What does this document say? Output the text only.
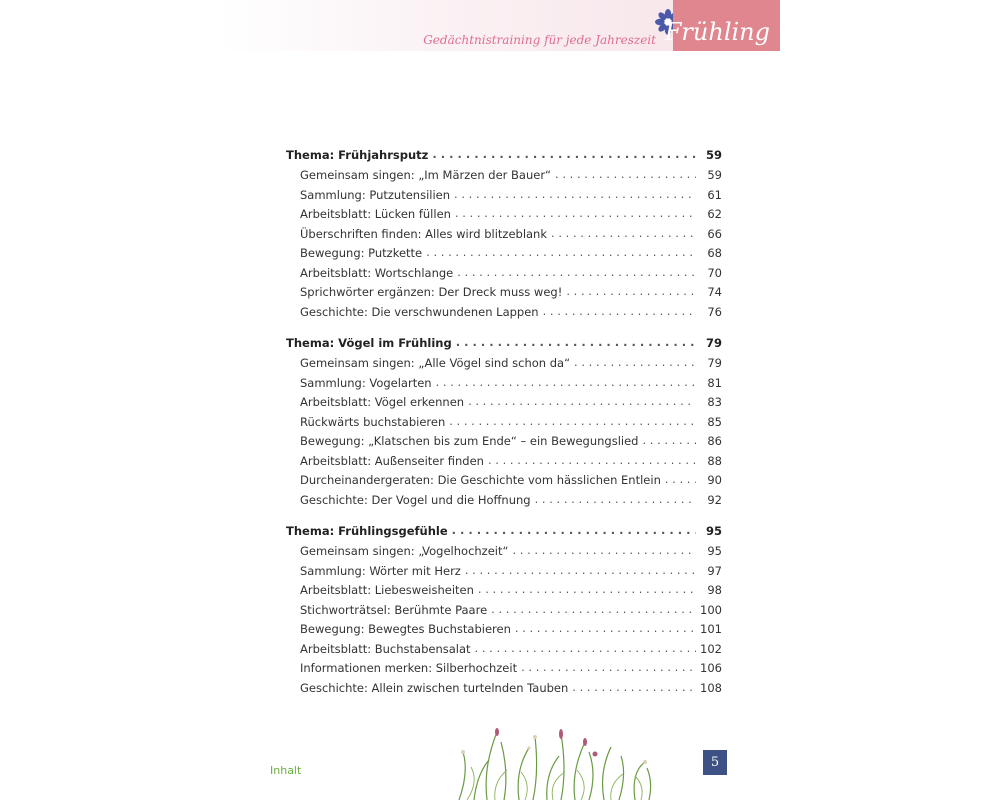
Gedächtnistraining für jede Jahreszeit Frühling
Thema: Frühjahrsputz . . .	59
Gemeinsam singen: „Im Märzen der Bauer“ . . .	59
Sammlung: Putzutensilien . . .	61
Arbeitsblatt: Lücken füllen . . .	62
Überschriften finden: Alles wird blitzeblank . . .	66
Bewegung: Putzkette . . .	68
Arbeitsblatt: Wortschlange . . .	70
Sprichwörter ergänzen: Der Dreck muss weg! . . .	74
Geschichte: Die verschwundenen Lappen . . .	76
Thema: Vögel im Frühling . . .	79
Gemeinsam singen: „Alle Vögel sind schon da“ . . .	79
Sammlung: Vogelarten . . .	81
Arbeitsblatt: Vögel erkennen . . .	83
Rückwärts buchstabieren . . .	85
Bewegung: „Klatschen bis zum Ende“ – ein Bewegungslied . . .	86
Arbeitsblatt: Außenseiter finden . . .	88
Durcheinandergeraten: Die Geschichte vom hässlichen Entlein . . .	90
Geschichte: Der Vogel und die Hoffnung . . .	92
Thema: Frühlingsgefühle . . .	95
Gemeinsam singen: „Vogelhochzeit“ . . .	95
Sammlung: Wörter mit Herz . . .	97
Arbeitsblatt: Liebesweisheiten . . .	98
Stichworträtsel: Berühmte Paare . . .	100
Bewegung: Bewegtes Buchstabieren . . .	101
Arbeitsblatt: Buchstabensalat . . .	102
Informationen merken: Silberhochzeit . . .	106
Geschichte: Allein zwischen turtelnden Tauben . . .	108
Inhalt
5
